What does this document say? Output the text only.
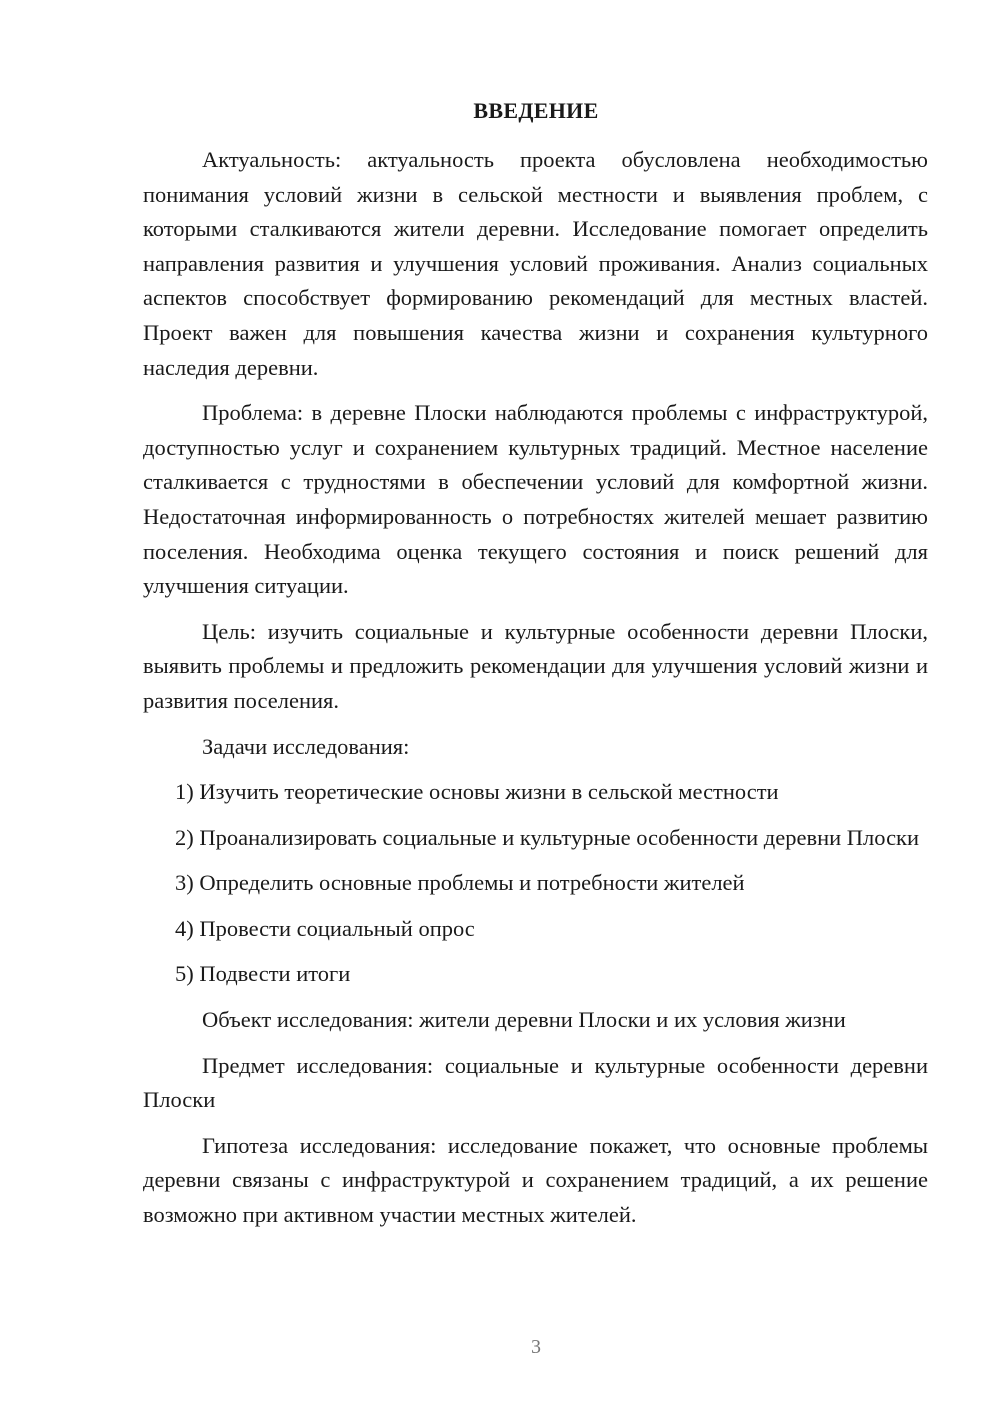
ВВЕДЕНИЕ

Актуальность: актуальность проекта обусловлена необходимостью понимания условий жизни в сельской местности и выявления проблем, с которыми сталкиваются жители деревни. Исследование помогает определить направления развития и улучшения условий проживания. Анализ социальных аспектов способствует формированию рекомендаций для местных властей. Проект важен для повышения качества жизни и сохранения культурного наследия деревни.

Проблема: в деревне Плоски наблюдаются проблемы с инфраструктурой, доступностью услуг и сохранением культурных традиций. Местное население сталкивается с трудностями в обеспечении условий для комфортной жизни. Недостаточная информированность о потребностях жителей мешает развитию поселения. Необходима оценка текущего состояния и поиск решений для улучшения ситуации.

Цель: изучить социальные и культурные особенности деревни Плоски, выявить проблемы и предложить рекомендации для улучшения условий жизни и развития поселения.

Задачи исследования:

1) Изучить теоретические основы жизни в сельской местности

2) Проанализировать социальные и культурные особенности деревни Плоски

3) Определить основные проблемы и потребности жителей

4) Провести социальный опрос

5) Подвести итоги

Объект исследования: жители деревни Плоски и их условия жизни

Предмет исследования: социальные и культурные особенности деревни Плоски

Гипотеза исследования: исследование покажет, что основные проблемы деревни связаны с инфраструктурой и сохранением традиций, а их решение возможно при активном участии местных жителей.

3
